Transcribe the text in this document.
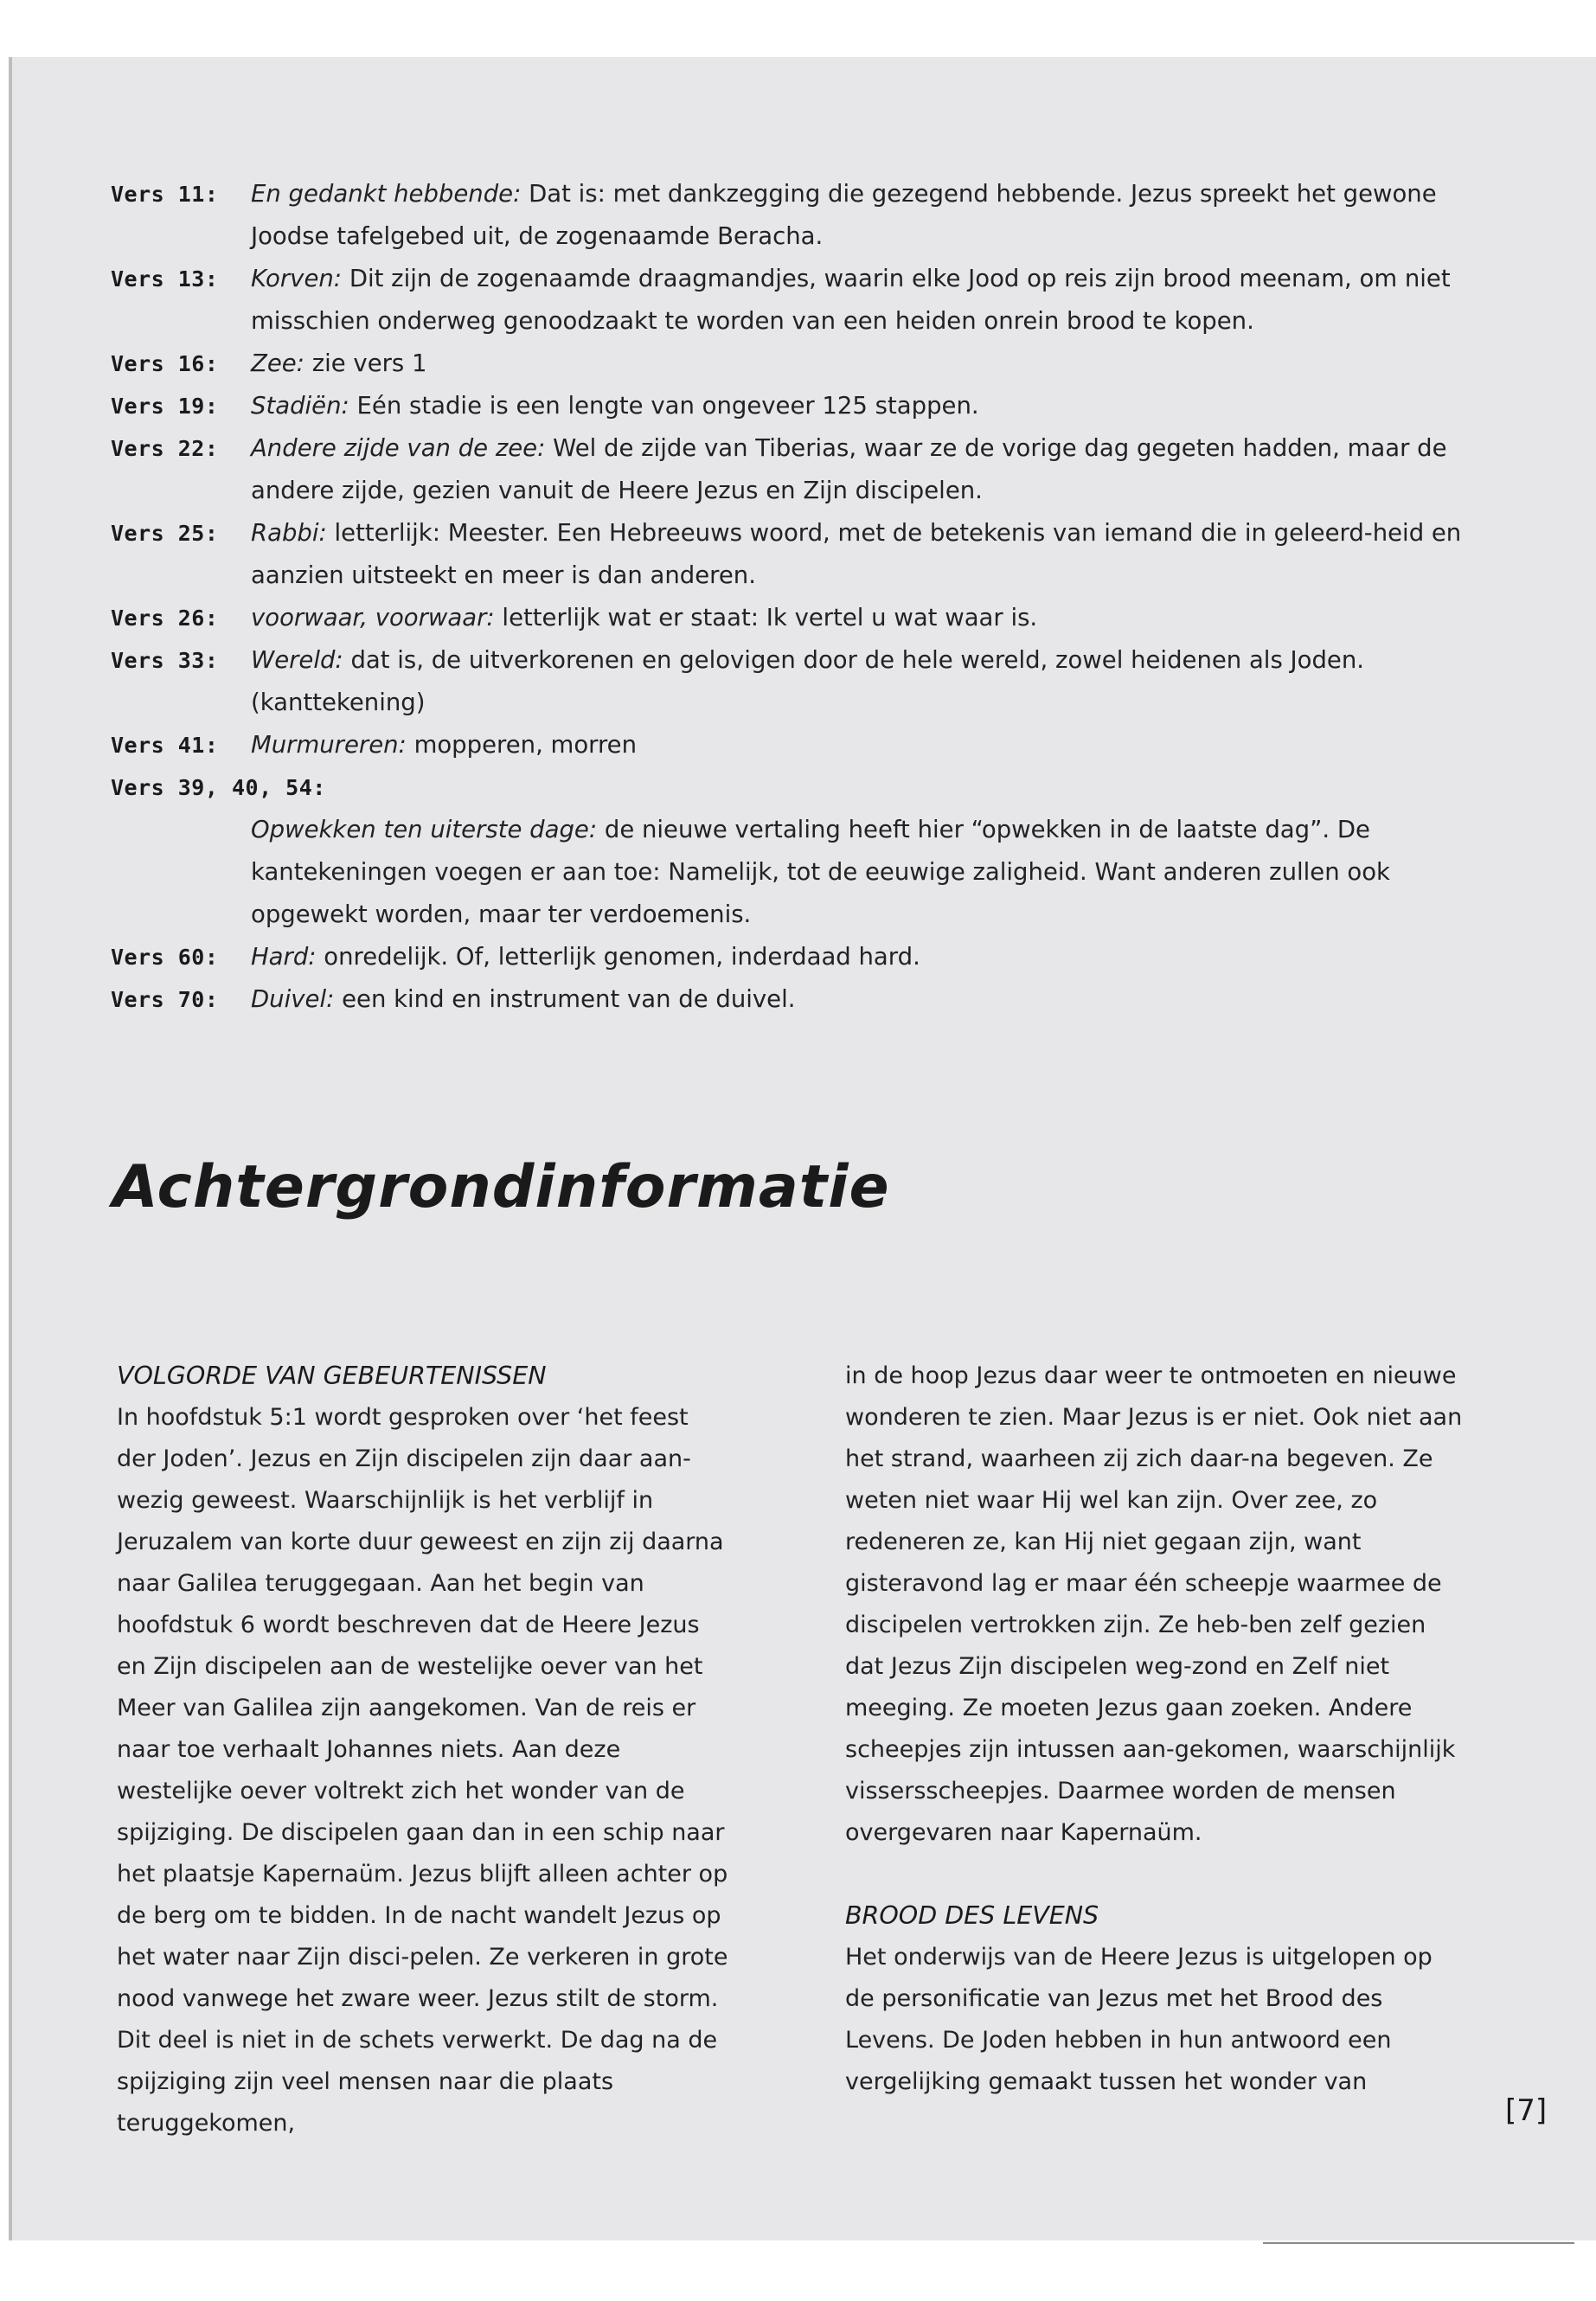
Vers 11:	En gedankt hebbende: Dat is: met dankzegging die gezegend hebbende. Jezus spreekt het gewone Joodse tafelgebed uit, de zogenaamde Beracha.
Vers 13:	Korven: Dit zijn de zogenaamde draagmandjes, waarin elke Jood op reis zijn brood meenam, om niet misschien onderweg genoodzaakt te worden van een heiden onrein brood te kopen.
Vers 16:	Zee: zie vers 1
Vers 19:	Stadiën: Eén stadie is een lengte van ongeveer 125 stappen.
Vers 22:	Andere zijde van de zee: Wel de zijde van Tiberias, waar ze de vorige dag gegeten hadden, maar de andere zijde, gezien vanuit de Heere Jezus en Zijn discipelen.
Vers 25:	Rabbi: letterlijk: Meester. Een Hebreeuws woord, met de betekenis van iemand die in geleerd-heid en aanzien uitsteekt en meer is dan anderen.
Vers 26:	voorwaar, voorwaar: letterlijk wat er staat: Ik vertel u wat waar is.
Vers 33:	Wereld: dat is, de uitverkorenen en gelovigen door de hele wereld, zowel heidenen als Joden. (kanttekening)
Vers 41:	Murmureren: mopperen, morren
Vers 39, 40, 54:
Opwekken ten uiterste dage: de nieuwe vertaling heeft hier “opwekken in de laatste dag”. De kantekeningen voegen er aan toe: Namelijk, tot de eeuwige zaligheid. Want anderen zullen ook opgewekt worden, maar ter verdoemenis.
Vers 60:	Hard: onredelijk. Of, letterlijk genomen, inderdaad hard.
Vers 70:	Duivel: een kind en instrument van de duivel.
Achtergrondinformatie

VOLGORDE VAN GEBEURTENISSEN

In hoofdstuk 5:1 wordt gesproken over ‘het feest der Joden’. Jezus en Zijn discipelen zijn daar aan-wezig geweest. Waarschijnlijk is het verblijf in Jeruzalem van korte duur geweest en zijn zij daarna naar Galilea teruggegaan. Aan het begin van hoofdstuk 6 wordt beschreven dat de Heere Jezus en Zijn discipelen aan de westelijke oever van het Meer van Galilea zijn aangekomen. Van de reis er naar toe verhaalt Johannes niets. Aan deze westelijke oever voltrekt zich het wonder van de spijziging. De discipelen gaan dan in een schip naar het plaatsje Kapernaüm. Jezus blijft alleen achter op de berg om te bidden. In de nacht wandelt Jezus op het water naar Zijn disci-pelen. Ze verkeren in grote nood vanwege het zware weer. Jezus stilt de storm. Dit deel is niet in de schets verwerkt. De dag na de spijziging zijn veel mensen naar die plaats teruggekomen,

in de hoop Jezus daar weer te ontmoeten en nieuwe wonderen te zien. Maar Jezus is er niet. Ook niet aan het strand, waarheen zij zich daar-na begeven. Ze weten niet waar Hij wel kan zijn. Over zee, zo redeneren ze, kan Hij niet gegaan zijn, want gisteravond lag er maar één scheepje waarmee de discipelen vertrokken zijn. Ze heb-ben zelf gezien dat Jezus Zijn discipelen weg-zond en Zelf niet meeging. Ze moeten Jezus gaan zoeken. Andere scheepjes zijn intussen aan-gekomen, waarschijnlijk vissersscheepjes. Daarmee worden de mensen overgevaren naar Kapernaüm.

BROOD DES LEVENS

Het onderwijs van de Heere Jezus is uitgelopen op de personificatie van Jezus met het Brood des Levens. De Joden hebben in hun antwoord een vergelijking gemaakt tussen het wonder van

[7]
